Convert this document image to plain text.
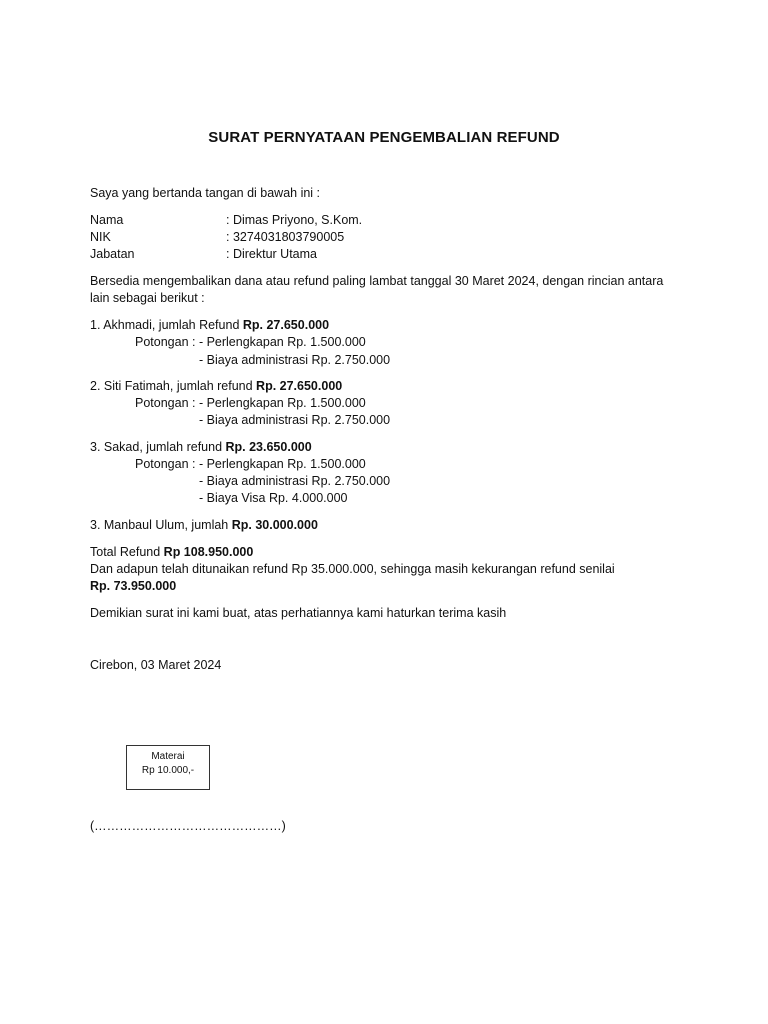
SURAT PERNYATAAN PENGEMBALIAN REFUND
Saya yang bertanda tangan di bawah ini :
Nama	: Dimas Priyono, S.Kom.
NIK	: 3274031803790005
Jabatan	: Direktur Utama
Bersedia mengembalikan dana atau refund paling lambat tanggal 30 Maret 2024, dengan rincian antara lain sebagai berikut :
1. Akhmadi, jumlah Refund Rp. 27.650.000
Potongan : - Perlengkapan Rp. 1.500.000
- Biaya administrasi Rp. 2.750.000
2. Siti Fatimah, jumlah refund Rp. 27.650.000
Potongan : - Perlengkapan Rp. 1.500.000
- Biaya administrasi Rp. 2.750.000
3. Sakad, jumlah refund Rp. 23.650.000
Potongan : - Perlengkapan Rp. 1.500.000
- Biaya administrasi Rp. 2.750.000
- Biaya Visa Rp. 4.000.000
3. Manbaul Ulum, jumlah Rp. 30.000.000
Total Refund Rp 108.950.000
Dan adapun telah ditunaikan refund Rp 35.000.000, sehingga masih kekurangan refund senilai
Rp. 73.950.000
Demikian surat ini kami buat, atas perhatiannya kami haturkan terima kasih
Cirebon, 03 Maret 2024
Materai
Rp 10.000,-
(………………………………………)
